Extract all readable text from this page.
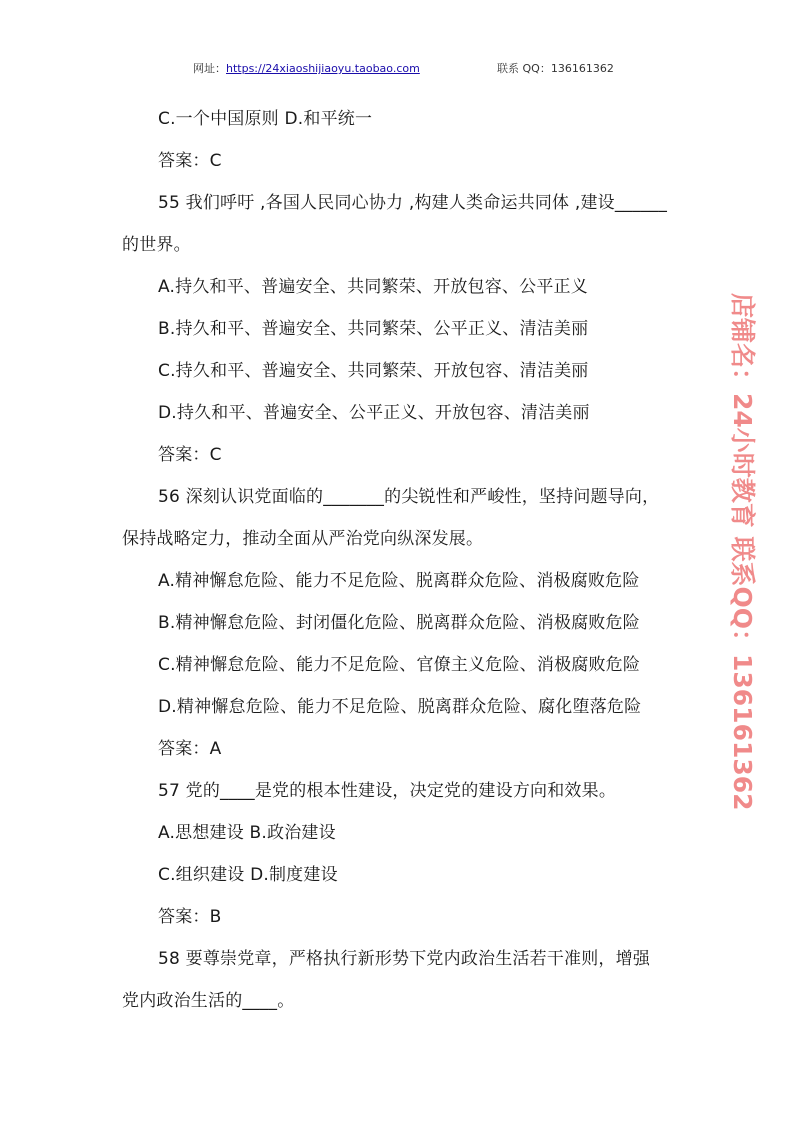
网址：https://24xiaoshijiaoyu.taobao.com	联系 QQ：136161362
C.一个中国原则 D.和平统一
答案：C
55 我们呼吁 ,各国人民同心协力 ,构建人类命运共同体 ,建设______
的世界。
A.持久和平、普遍安全、共同繁荣、开放包容、公平正义
B.持久和平、普遍安全、共同繁荣、公平正义、清洁美丽
C.持久和平、普遍安全、共同繁荣、开放包容、清洁美丽
D.持久和平、普遍安全、公平正义、开放包容、清洁美丽
答案：C
56 深刻认识党面临的_______的尖锐性和严峻性，坚持问题导向，
保持战略定力，推动全面从严治党向纵深发展。
A.精神懈怠危险、能力不足危险、脱离群众危险、消极腐败危险
B.精神懈怠危险、封闭僵化危险、脱离群众危险、消极腐败危险
C.精神懈怠危险、能力不足危险、官僚主义危险、消极腐败危险
D.精神懈怠危险、能力不足危险、脱离群众危险、腐化堕落危险
答案：A
57 党的____是党的根本性建设，决定党的建设方向和效果。
A.思想建设 B.政治建设
C.组织建设 D.制度建设
答案：B
58 要尊崇党章，严格执行新形势下党内政治生活若干准则，增强
党内政治生活的____。
店铺名：24小时教育 联系QQ：136161362
